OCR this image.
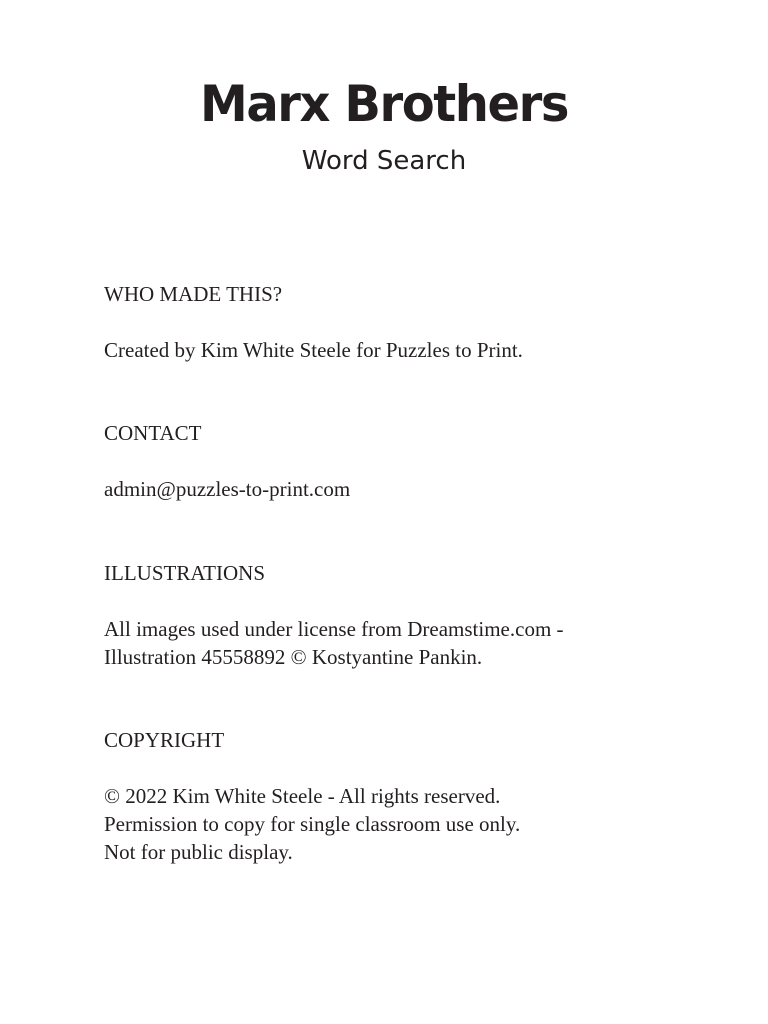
Marx Brothers
Word Search
WHO MADE THIS?
Created by Kim White Steele for Puzzles to Print.
CONTACT
admin@puzzles-to-print.com
ILLUSTRATIONS
All images used under license from Dreamstime.com -
Illustration 45558892 © Kostyantine Pankin.
COPYRIGHT
© 2022 Kim White Steele - All rights reserved.
Permission to copy for single classroom use only.
Not for public display.
